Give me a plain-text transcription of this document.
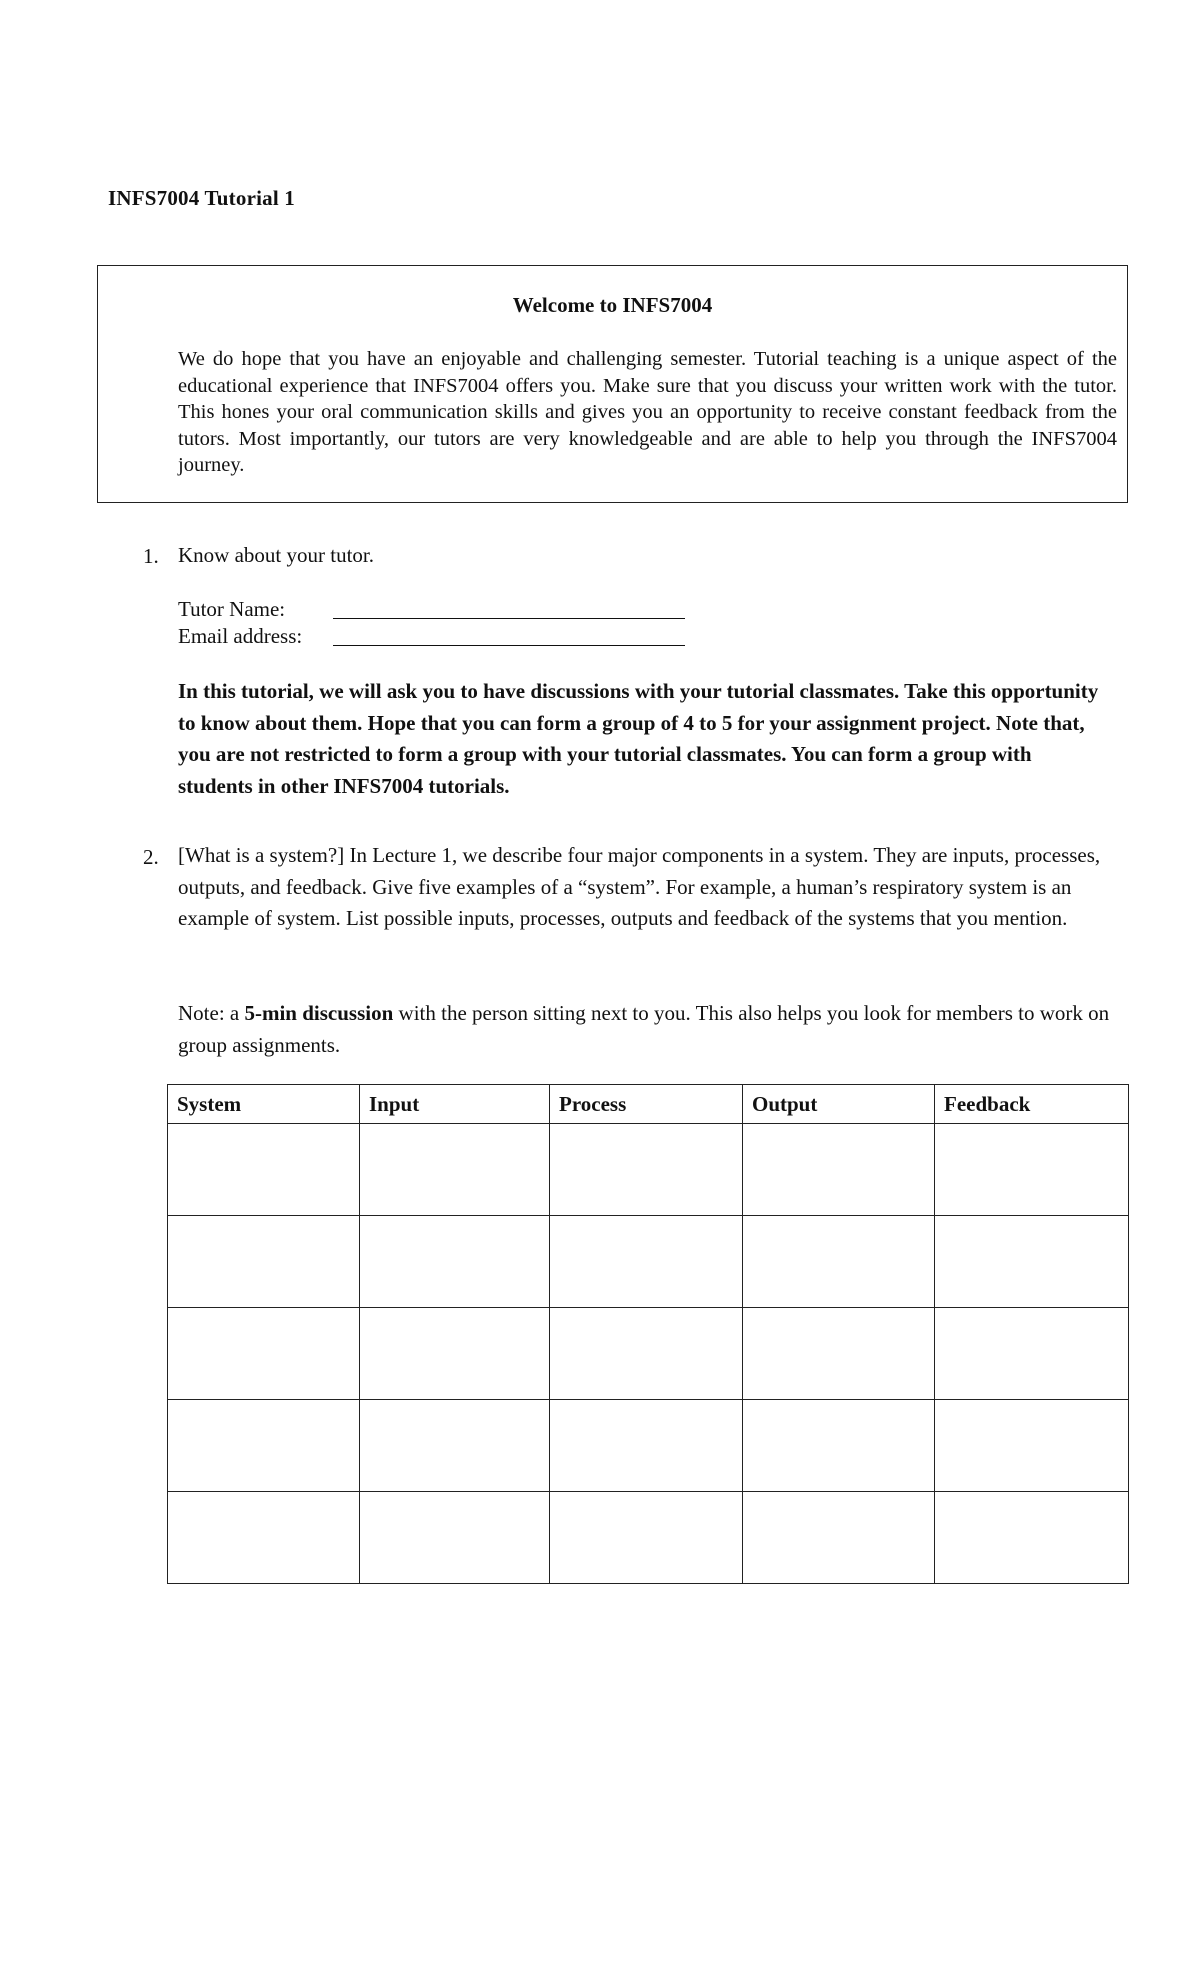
INFS7004 Tutorial 1
Welcome to INFS7004

We do hope that you have an enjoyable and challenging semester. Tutorial teaching is a unique aspect of the educational experience that INFS7004 offers you. Make sure that you discuss your written work with the tutor. This hones your oral communication skills and gives you an opportunity to receive constant feedback from the tutors. Most importantly, our tutors are very knowledgeable and are able to help you through the INFS7004 journey.

1. Know about your tutor.

Tutor Name:
Email address:

In this tutorial, we will ask you to have discussions with your tutorial classmates. Take this opportunity to know about them. Hope that you can form a group of 4 to 5 for your assignment project. Note that, you are not restricted to form a group with your tutorial classmates. You can form a group with students in other INFS7004 tutorials.

2. [What is a system?] In Lecture 1, we describe four major components in a system. They are inputs, processes, outputs, and feedback. Give five examples of a “system”. For example, a human’s respiratory system is an example of system. List possible inputs, processes, outputs and feedback of the systems that you mention.

Note: a 5-min discussion with the person sitting next to you. This also helps you look for members to work on group assignments.

System	Input	Process	Output	Feedback
